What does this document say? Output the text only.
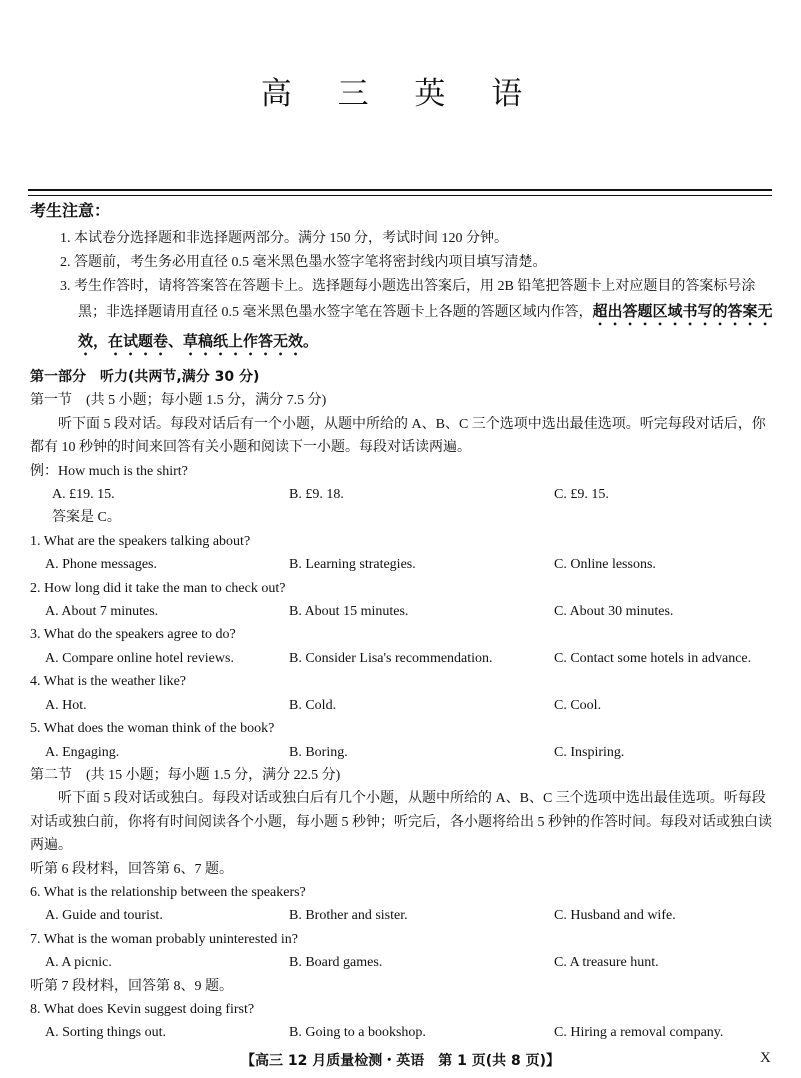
高 三 英 语
考生注意：
1. 本试卷分选择题和非选择题两部分。满分 150 分，考试时间 120 分钟。
2. 答题前，考生务必用直径 0.5 毫米黑色墨水签字笔将密封线内项目填写清楚。
3. 考生作答时，请将答案答在答题卡上。选择题每小题选出答案后，用 2B 铅笔把答题卡上对应题目的答案标号涂黑；非选择题请用直径 0.5 毫米黑色墨水签字笔在答题卡上各题的答题区域内作答，超出答题区域书写的答案无效，在试题卷、草稿纸上作答无效。
第一部分　听力(共两节,满分 30 分)
第一节　(共 5 小题；每小题 1.5 分，满分 7.5 分)
听下面 5 段对话。每段对话后有一个小题，从题中所给的 A、B、C 三个选项中选出最佳选项。听完每段对话后，你都有 10 秒钟的时间来回答有关小题和阅读下一小题。每段对话读两遍。
例：How much is the shirt?
A. £19. 15.	B. £9. 18.	C. £9. 15.
答案是 C。
1. What are the speakers talking about?
A. Phone messages.	B. Learning strategies.	C. Online lessons.
2. How long did it take the man to check out?
A. About 7 minutes.	B. About 15 minutes.	C. About 30 minutes.
3. What do the speakers agree to do?
A. Compare online hotel reviews.	B. Consider Lisa's recommendation.	C. Contact some hotels in advance.
4. What is the weather like?
A. Hot.	B. Cold.	C. Cool.
5. What does the woman think of the book?
A. Engaging.	B. Boring.	C. Inspiring.
第二节　(共 15 小题；每小题 1.5 分，满分 22.5 分)
听下面 5 段对话或独白。每段对话或独白后有几个小题，从题中所给的 A、B、C 三个选项中选出最佳选项。听每段对话或独白前，你将有时间阅读各个小题，每小题 5 秒钟；听完后，各小题将给出 5 秒钟的作答时间。每段对话或独白读两遍。
听第 6 段材料，回答第 6、7 题。
6. What is the relationship between the speakers?
A. Guide and tourist.	B. Brother and sister.	C. Husband and wife.
7. What is the woman probably uninterested in?
A. A picnic.	B. Board games.	C. A treasure hunt.
听第 7 段材料，回答第 8、9 题。
8. What does Kevin suggest doing first?
A. Sorting things out.	B. Going to a bookshop.	C. Hiring a removal company.
【高三 12 月质量检测・英语　第 1 页(共 8 页)】	X
